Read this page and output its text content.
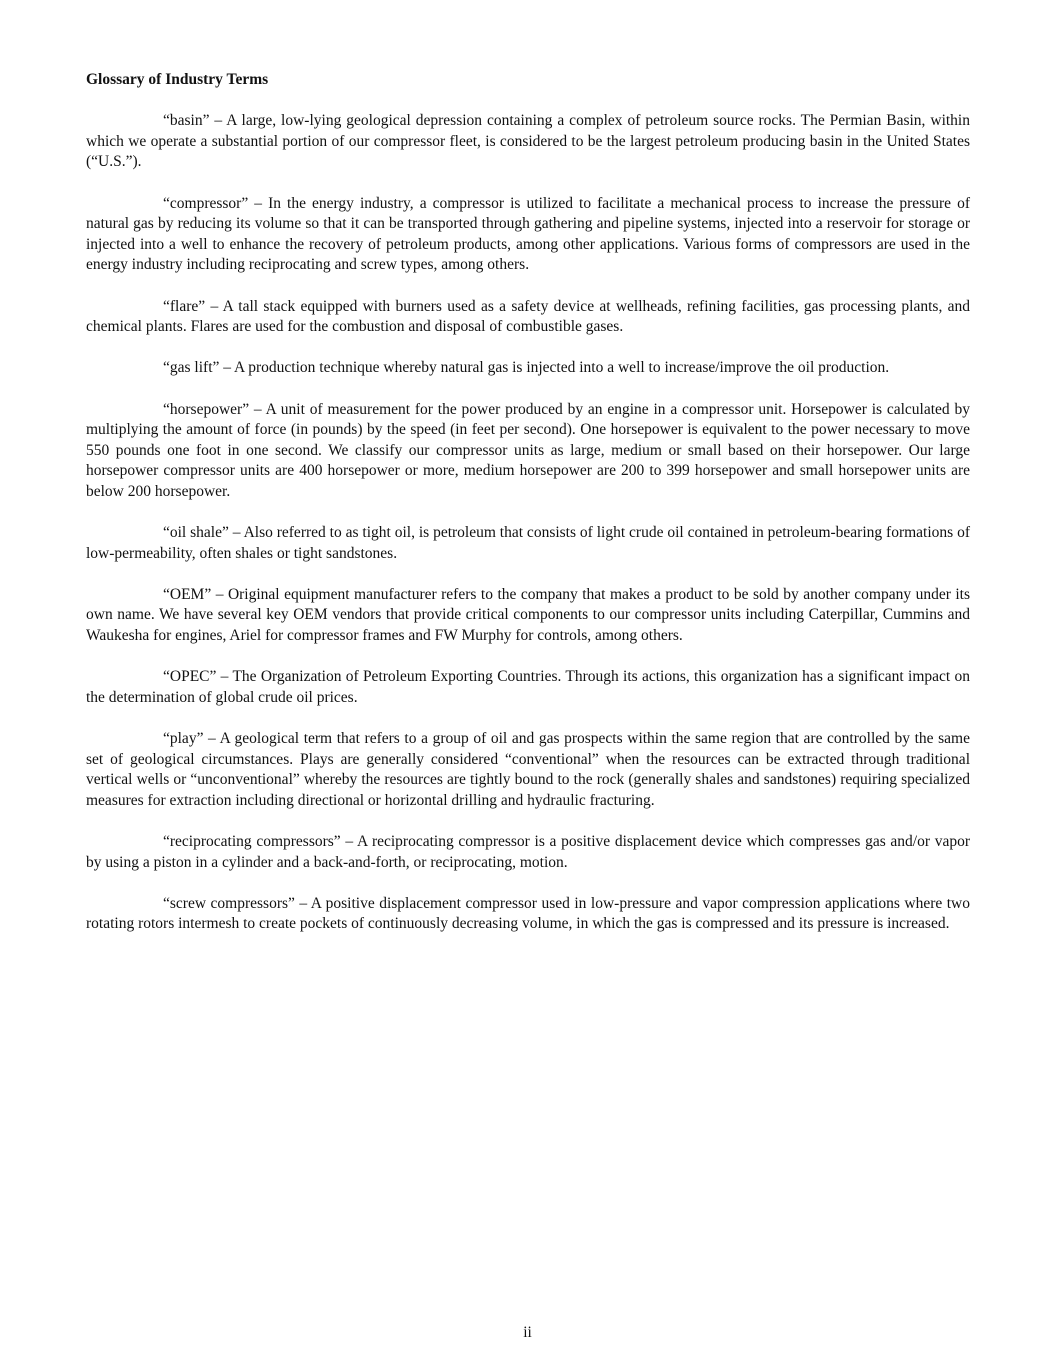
Glossary of Industry Terms

“basin” – A large, low-lying geological depression containing a complex of petroleum source rocks. The Permian Basin, within which we operate a substantial portion of our compressor fleet, is considered to be the largest petroleum producing basin in the United States (“U.S.”).

“compressor” – In the energy industry, a compressor is utilized to facilitate a mechanical process to increase the pressure of natural gas by reducing its volume so that it can be transported through gathering and pipeline systems, injected into a reservoir for storage or injected into a well to enhance the recovery of petroleum products, among other applications. Various forms of compressors are used in the energy industry including reciprocating and screw types, among others.

“flare” – A tall stack equipped with burners used as a safety device at wellheads, refining facilities, gas processing plants, and chemical plants. Flares are used for the combustion and disposal of combustible gases.

“gas lift” – A production technique whereby natural gas is injected into a well to increase/improve the oil production.

“horsepower” – A unit of measurement for the power produced by an engine in a compressor unit. Horsepower is calculated by multiplying the amount of force (in pounds) by the speed (in feet per second). One horsepower is equivalent to the power necessary to move 550 pounds one foot in one second. We classify our compressor units as large, medium or small based on their horsepower. Our large horsepower compressor units are 400 horsepower or more, medium horsepower are 200 to 399 horsepower and small horsepower units are below 200 horsepower.

“oil shale” – Also referred to as tight oil, is petroleum that consists of light crude oil contained in petroleum-bearing formations of low-permeability, often shales or tight sandstones.

“OEM” – Original equipment manufacturer refers to the company that makes a product to be sold by another company under its own name. We have several key OEM vendors that provide critical components to our compressor units including Caterpillar, Cummins and Waukesha for engines, Ariel for compressor frames and FW Murphy for controls, among others.

“OPEC” – The Organization of Petroleum Exporting Countries. Through its actions, this organization has a significant impact on the determination of global crude oil prices.

“play” – A geological term that refers to a group of oil and gas prospects within the same region that are controlled by the same set of geological circumstances. Plays are generally considered “conventional” when the resources can be extracted through traditional vertical wells or “unconventional” whereby the resources are tightly bound to the rock (generally shales and sandstones) requiring specialized measures for extraction including directional or horizontal drilling and hydraulic fracturing.

“reciprocating compressors” – A reciprocating compressor is a positive displacement device which compresses gas and/or vapor by using a piston in a cylinder and a back-and-forth, or reciprocating, motion.

“screw compressors” – A positive displacement compressor used in low-pressure and vapor compression applications where two rotating rotors intermesh to create pockets of continuously decreasing volume, in which the gas is compressed and its pressure is increased.

ii
